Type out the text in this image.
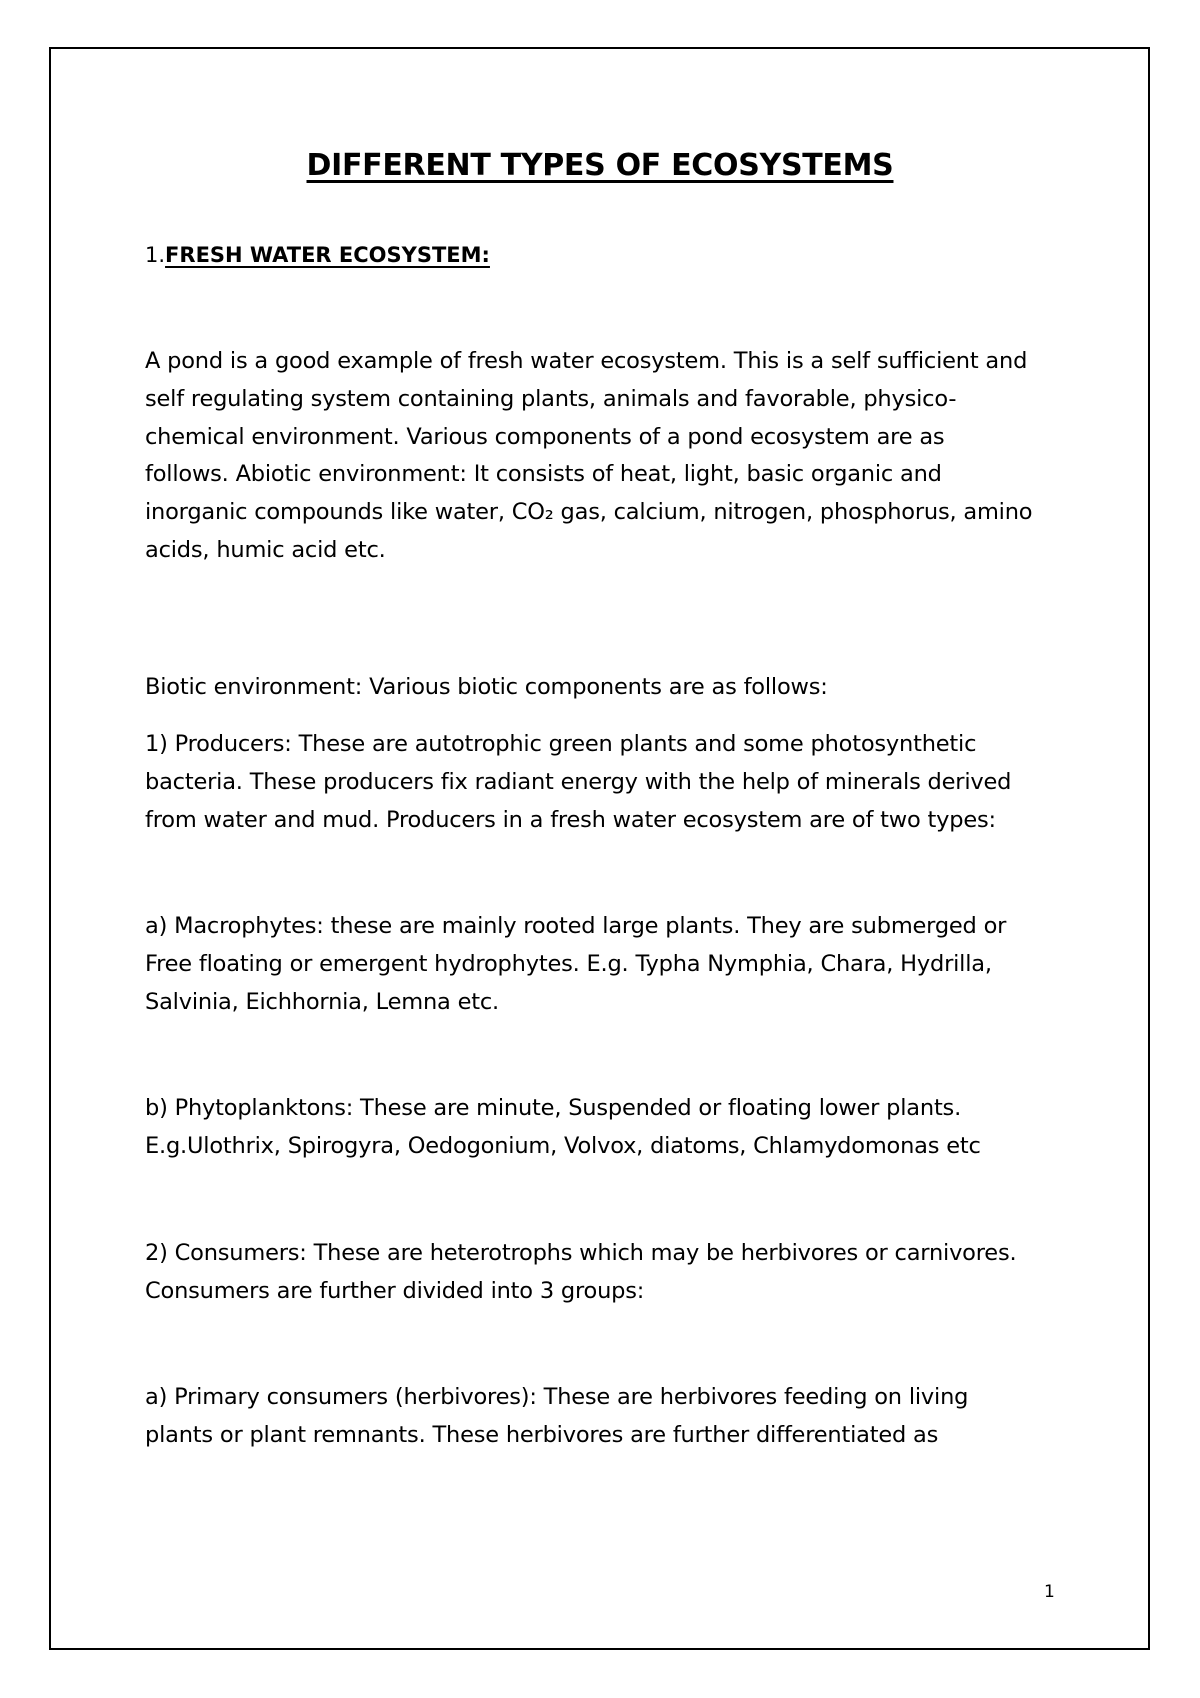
DIFFERENT TYPES OF ECOSYSTEMS
1.FRESH WATER ECOSYSTEM:
A pond is a good example of fresh water ecosystem. This is a self sufficient and
self regulating system containing plants, animals and favorable, physico-
chemical environment. Various components of a pond ecosystem are as
follows. Abiotic environment: It consists of heat, light, basic organic and
inorganic compounds like water, CO₂ gas, calcium, nitrogen, phosphorus, amino
acids, humic acid etc.
Biotic environment: Various biotic components are as follows:
1) Producers: These are autotrophic green plants and some photosynthetic
bacteria. These producers fix radiant energy with the help of minerals derived
from water and mud. Producers in a fresh water ecosystem are of two types:
a) Macrophytes: these are mainly rooted large plants. They are submerged or
Free floating or emergent hydrophytes. E.g. Typha Nymphia, Chara, Hydrilla,
Salvinia, Eichhornia, Lemna etc.
b) Phytoplanktons: These are minute, Suspended or floating lower plants.
E.g.Ulothrix, Spirogyra, Oedogonium, Volvox, diatoms, Chlamydomonas etc
2) Consumers: These are heterotrophs which may be herbivores or carnivores.
Consumers are further divided into 3 groups:
a) Primary consumers (herbivores): These are herbivores feeding on living
plants or plant remnants. These herbivores are further differentiated as
1
